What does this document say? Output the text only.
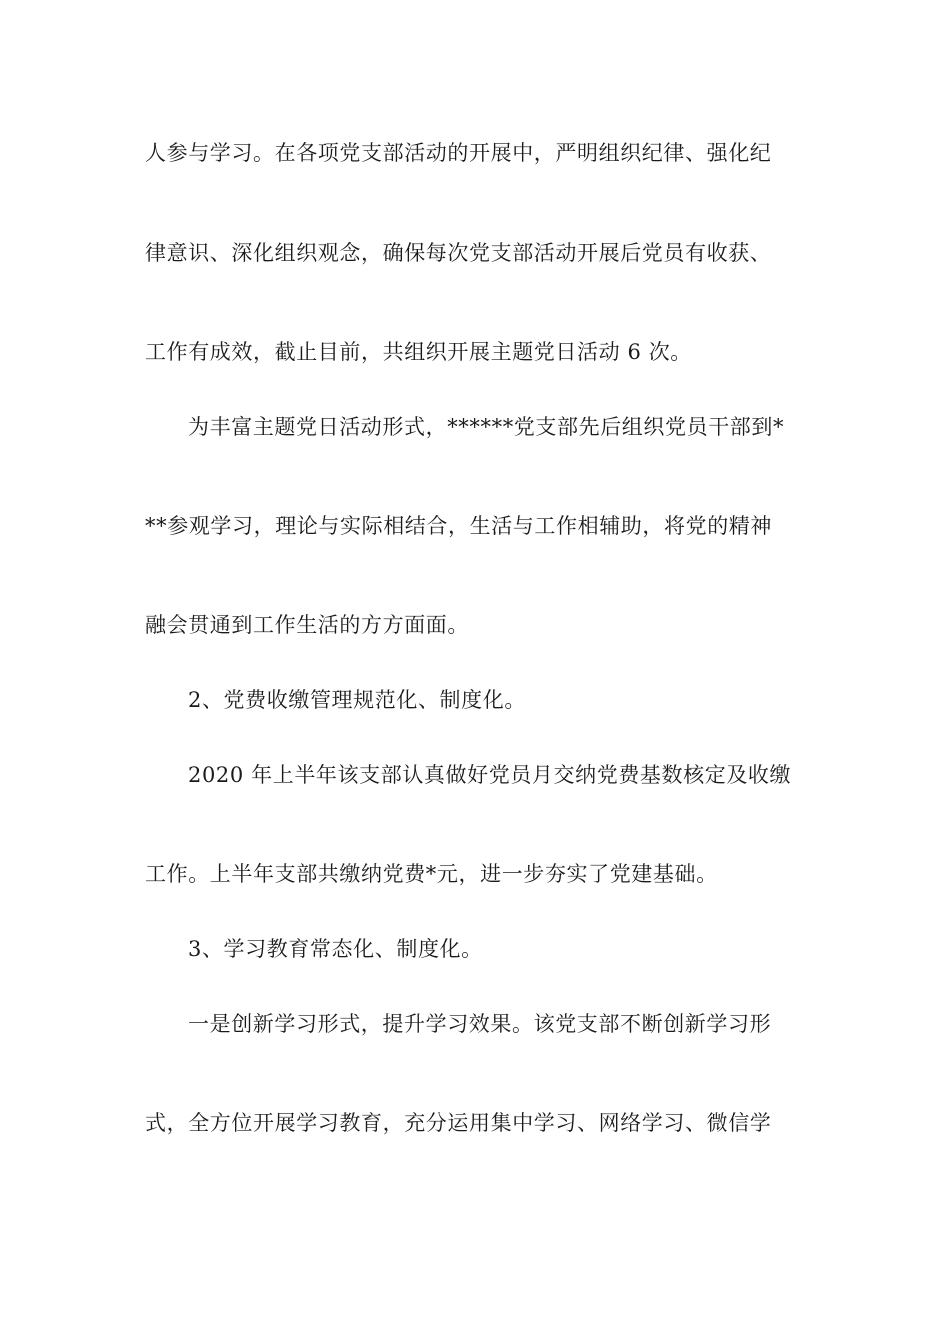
人参与学习。在各项党支部活动的开展中，严明组织纪律、强化纪
律意识、深化组织观念，确保每次党支部活动开展后党员有收获、
工作有成效，截止目前，共组织开展主题党日活动 6 次。
为丰富主题党日活动形式，******党支部先后组织党员干部到*
**参观学习，理论与实际相结合，生活与工作相辅助，将党的精神
融会贯通到工作生活的方方面面。
2、党费收缴管理规范化、制度化。
2020 年上半年该支部认真做好党员月交纳党费基数核定及收缴
工作。上半年支部共缴纳党费*元，进一步夯实了党建基础。
3、学习教育常态化、制度化。
一是创新学习形式，提升学习效果。该党支部不断创新学习形
式，全方位开展学习教育，充分运用集中学习、网络学习、微信学
